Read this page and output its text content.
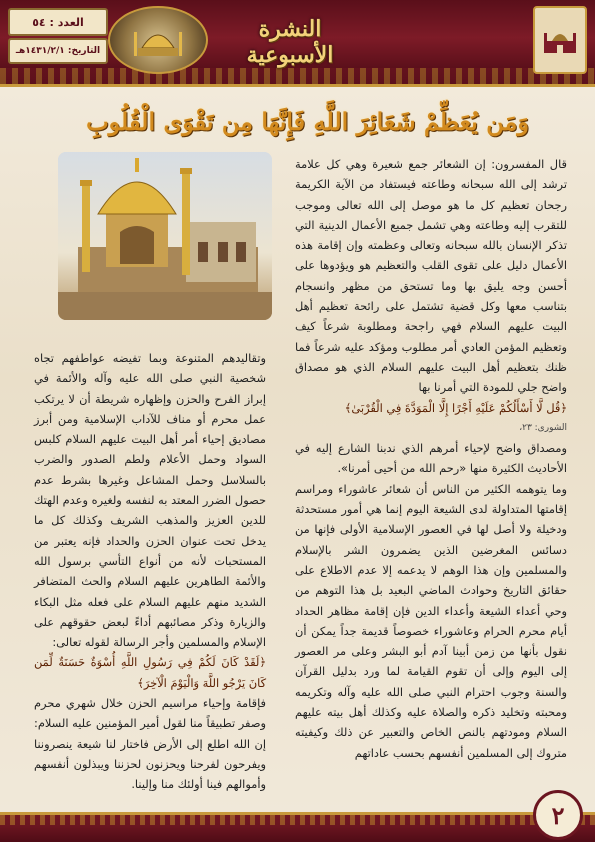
النشرة الأسبوعية
العدد : ٥٤
التاريخ: ١٤٣١/٢/١هـ
وَمَن يُعَظِّمْ شَعَائِرَ اللَّهِ فَإِنَّهَا مِن تَقْوَى الْقُلُوبِ

قال المفسرون: إن الشعائر جمع شعيرة وهي كل علامة ترشد إلى الله سبحانه وطاعته فيستفاد من الآية الكريمة رجحان تعظيم كل ما هو موصل إلى الله تعالى وموجب للتقرب إليه وطاعته وهي تشمل جميع الأعمال الدينية التي تذكر الإنسان بالله سبحانه وتعالى وعظمته وإن إقامة هذه الأعمال دليل على تقوى القلب والتعظيم هو ويؤدوها على أحسن وجه يليق بها وما تستحق من مظهر وانسجام بتناسب معها وكل قضية تشتمل على رائحة تعظيم أهل البيت عليهم السلام فهي راجحة ومطلوبة شرعاً كيف وتعظيم المؤمن العادي أمر مطلوب ومؤكد عليه شرعاً فما ظنك بتعظيم أهل البيت عليهم السلام الذي هو مصداق واضح جلي للمودة التي أمرنا بها

﴿قُل لَّا أَسْأَلُكُمْ عَلَيْهِ أَجْرًا إِلَّا الْمَوَدَّةَ فِي الْقُرْبَىٰ﴾

الشورى: ٢٣،

ومصداق واضح لإحياء أمرهم الذي ندبنا الشارع إليه في الأحاديث الكثيرة منها «رحم الله من أحيى أمرنا».

وما يتوهمه الكثير من الناس أن شعائر عاشوراء ومراسم إقامتها المتداولة لدى الشيعة اليوم إنما هي أمور مستحدثة ودخيلة ولا أصل لها في العصور الإسلامية الأولى فإنها من دسائس المغرضين الذين يضمرون الشر بالإسلام والمسلمين وإن هذا الوهم لا يدعمه إلا عدم الاطلاع على حقائق التاريخ وحوادث الماضي البعيد بل هذا التوهم من وحي أعداء الشيعة وأعداء الدين فإن إقامة مظاهر الحداد أيام محرم الحرام وعاشوراء خصوصاً قديمة جداً يمكن أن نقول بأنها من زمن أبينا آدم أبو البشر وعلى مر العصور إلى اليوم وإلى أن تقوم القيامة لما ورد بدليل القرآن والسنة وجوب احترام النبي صلى الله عليه وآله وتكريمه ومحبته وتخليد ذكره والصلاة عليه وكذلك أهل بيته عليهم السلام ومودتهم بالنص الخاص والتعبير عن ذلك وكيفيته متروك إلى المسلمين أنفسهم بحسب عاداتهم

وتقاليدهم المتنوعة وبما تفيضه عواطفهم تجاه شخصية النبي صلى الله عليه وآله والأئمة في إبراز الفرح والحزن وإظهاره شريطة أن لا يرتكب عمل محرم أو مناف للآداب الإسلامية ومن أبرز مصاديق إحياء أمر أهل البيت عليهم السلام كلبس السواد وحمل الأعلام ولطم الصدور والضرب بالسلاسل وحمل المشاعل وغيرها بشرط عدم حصول الضرر المعتد به لنفسه ولغيره وعدم الهتك للدين العزيز والمذهب الشريف وكذلك كل ما يدخل تحت عنوان الحزن والحداد فإنه يعتبر من المستحبات لأنه من أنواع التأسي برسول الله والأئمة الطاهرين عليهم السلام والحث المتضافر الشديد منهم عليهم السلام على فعله مثل البكاء والزيارة وذكر مصائبهم أداءً لبعض حقوقهم على الإسلام والمسلمين وأجر الرسالة لقوله تعالى:

﴿لَقَدْ كَانَ لَكُمْ فِي رَسُولِ اللَّهِ أُسْوَةٌ حَسَنَةٌ لِّمَن كَانَ يَرْجُو اللَّهَ وَالْيَوْمَ الْآخِرَ﴾

فإقامة وإحياء مراسيم الحزن خلال شهري محرم وصفر تطبيقاً منا لقول أمير المؤمنين عليه السلام: إن الله اطلع إلى الأرض فاختار لنا شيعة ينصروننا ويفرحون لفرحنا ويحزنون لحزننا ويبذلون أنفسهم وأموالهم فينا أولئك منا وإلينا.

٢
